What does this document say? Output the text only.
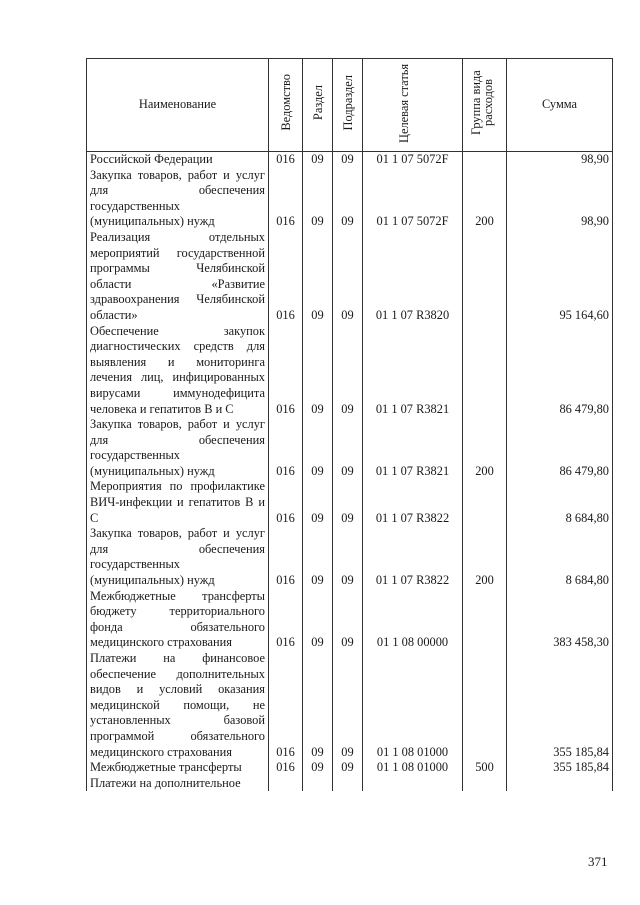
Наименование	Ведомство	Раздел	Подраздел	Целевая статья	Группа вида расходов	Сумма
Российской Федерации	016	09	09	01 1 07 5072F		98,90
Закупка товаров, работ и услуг для обеспечения государственных (муниципальных) нужд	016	09	09	01 1 07 5072F	200	98,90
Реализация отдельных мероприятий государственной программы Челябинской области «Развитие здравоохранения Челябинской области»	016	09	09	01 1 07 R3820		95 164,60
Обеспечение закупок диагностических средств для выявления и мониторинга лечения лиц, инфицированных вирусами иммунодефицита человека и гепатитов В и С	016	09	09	01 1 07 R3821		86 479,80
Закупка товаров, работ и услуг для обеспечения государственных (муниципальных) нужд	016	09	09	01 1 07 R3821	200	86 479,80
Мероприятия по профилактике ВИЧ-инфекции и гепатитов В и С	016	09	09	01 1 07 R3822		8 684,80
Закупка товаров, работ и услуг для обеспечения государственных (муниципальных) нужд	016	09	09	01 1 07 R3822	200	8 684,80
Межбюджетные трансферты бюджету территориального фонда обязательного медицинского страхования	016	09	09	01 1 08 00000		383 458,30
Платежи на финансовое обеспечение дополнительных видов и условий оказания медицинской помощи, не установленных базовой программой обязательного медицинского страхования	016	09	09	01 1 08 01000		355 185,84
Межбюджетные трансферты	016	09	09	01 1 08 01000	500	355 185,84
Платежи на дополнительное						
371
